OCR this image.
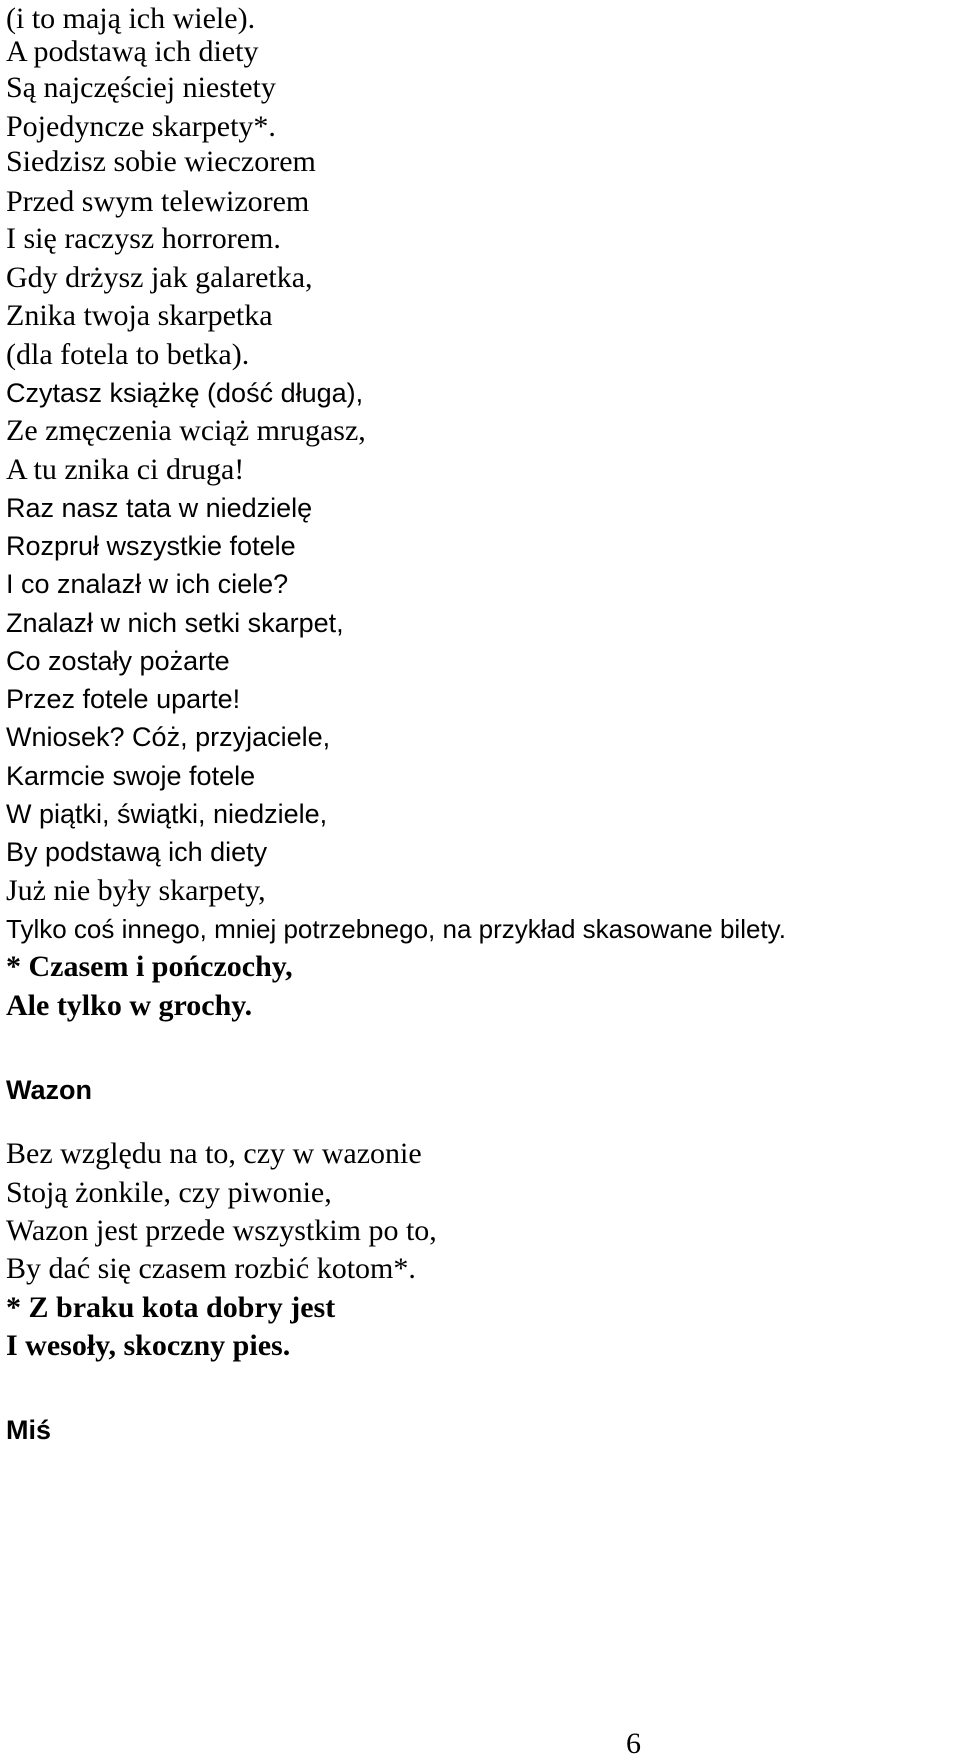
(i to mają ich wiele).
A podstawą ich diety
Są najczęściej niestety
Pojedyncze skarpety*.
Siedzisz sobie wieczorem
Przed swym telewizorem
I się raczysz horrorem.
Gdy drżysz jak galaretka,
Znika twoja skarpetka
(dla fotela to betka).
Czytasz książkę (dość długa),
Ze zmęczenia wciąż mrugasz,
A tu znika ci druga!
Raz nasz tata w niedzielę
Rozpruł wszystkie fotele
I co znalazł w ich ciele?
Znalazł w nich setki skarpet,
Co zostały pożarte
Przez fotele uparte!
Wniosek? Cóż, przyjaciele,
Karmcie swoje fotele
W piątki, świątki, niedziele,
By podstawą ich diety
Już nie były skarpety,
Tylko coś innego, mniej potrzebnego, na przykład skasowane bilety.
* Czasem i pończochy,
Ale tylko w grochy.
Wazon
Bez względu na to, czy w wazonie
Stoją żonkile, czy piwonie,
Wazon jest przede wszystkim po to,
By dać się czasem rozbić kotom*.
* Z braku kota dobry jest
I wesoły, skoczny pies.
Miś
6
